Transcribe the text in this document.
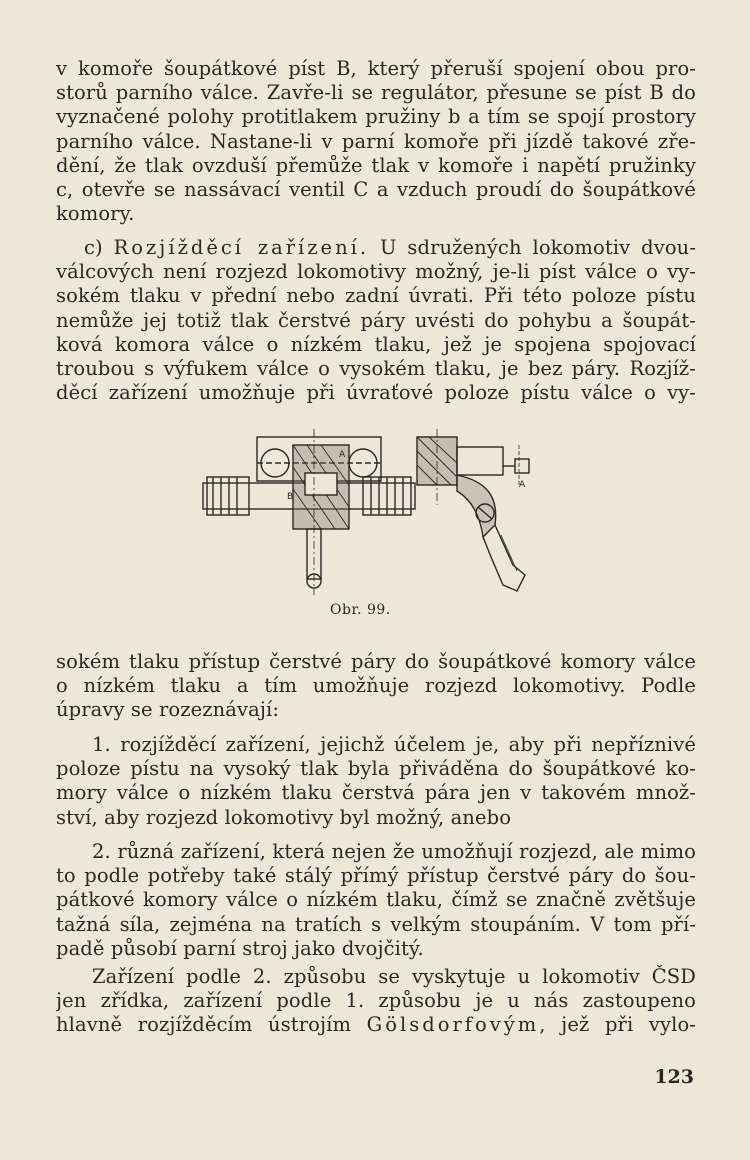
v komoře šoupátkové píst B, který přeruší spojení obou pro-
storů parního válce. Zavře-li se regulátor, přesune se píst B do
vyznačené polohy protitlakem pružiny b a tím se spojí prostory
parního válce. Nastane-li v parní komoře při jízdě takové zře-
dění, že tlak ovzduší přemůže tlak v komoře i napětí pružinky
c, otevře se nassávací ventil C a vzduch proudí do šoupátkové
komory.
c) Rozjížděcí zařízení. U sdružených lokomotiv dvou-
válcových není rozjezd lokomotivy možný, je-li píst válce o vy-
sokém tlaku v přední nebo zadní úvrati. Při této poloze pístu
nemůže jej totiž tlak čerstvé páry uvésti do pohybu a šoupát-
ková komora válce o nízkém tlaku, jež je spojena spojovací
troubou s výfukem válce o vysokém tlaku, je bez páry. Rozjíž-
děcí zařízení umožňuje při úvraťové poloze pístu válce o vy-
A
B
A
Obr. 99.
sokém tlaku přístup čerstvé páry do šoupátkové komory válce
o nízkém tlaku a tím umožňuje rozjezd lokomotivy. Podle
úpravy se rozeznávají:
1. rozjížděcí zařízení, jejichž účelem je, aby při nepříznivé
poloze pístu na vysoký tlak byla přiváděna do šoupátkové ko-
mory válce o nízkém tlaku čerstvá pára jen v takovém množ-
ství, aby rozjezd lokomotivy byl možný, anebo
2. různá zařízení, která nejen že umožňují rozjezd, ale mimo
to podle potřeby také stálý přímý přístup čerstvé páry do šou-
pátkové komory válce o nízkém tlaku, čímž se značně zvětšuje
tažná síla, zejména na tratích s velkým stoupáním. V tom pří-
padě působí parní stroj jako dvojčitý.
Zařízení podle 2. způsobu se vyskytuje u lokomotiv ČSD
jen zřídka, zařízení podle 1. způsobu je u nás zastoupeno
hlavně rozjížděcím ústrojím Gölsdorfovým, jež při vylo-
123
